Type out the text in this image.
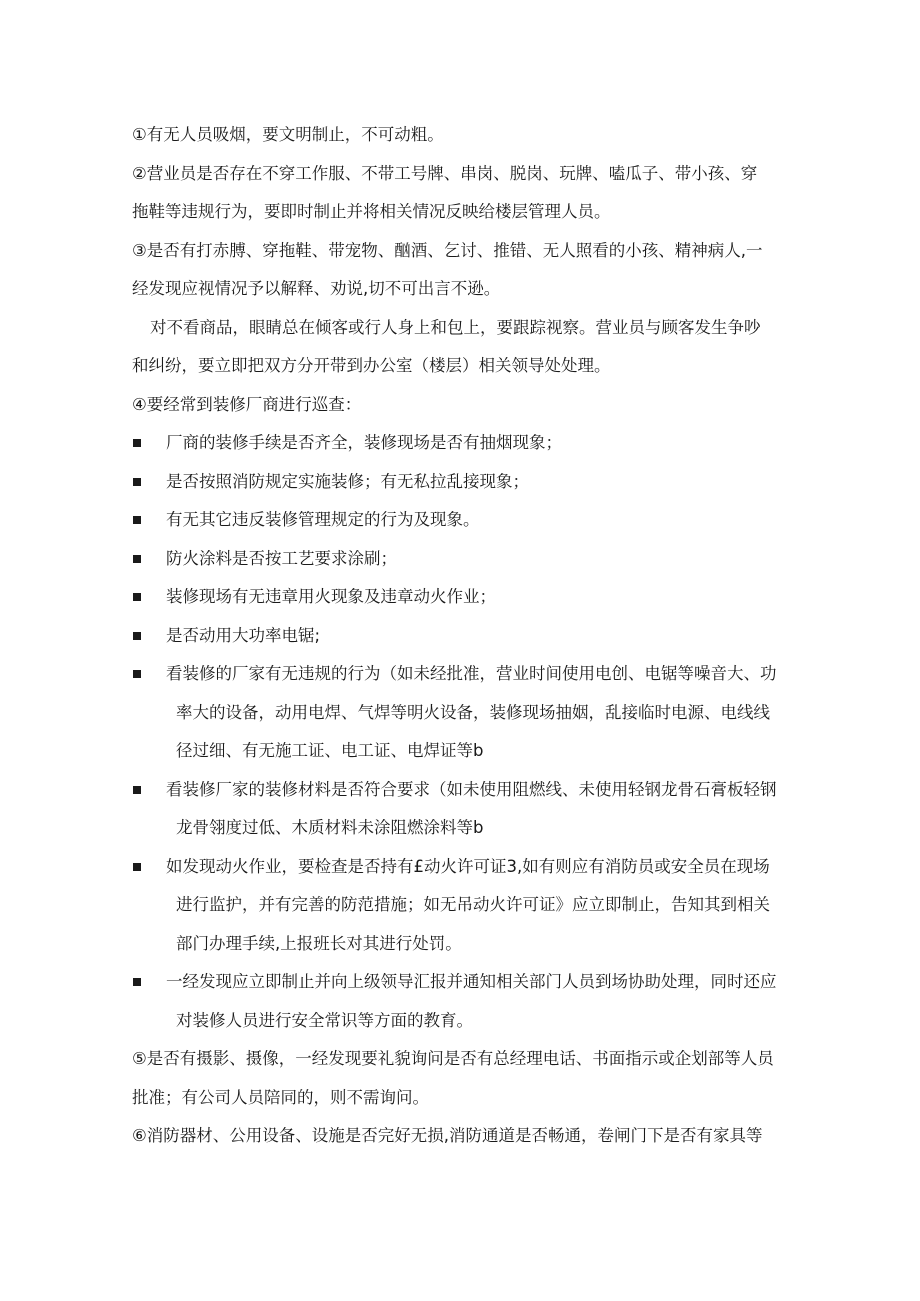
①有无人员吸烟，要文明制止，不可动粗。

②营业员是否存在不穿工作服、不带工号牌、串岗、脱岗、玩牌、嗑瓜子、带小孩、穿

拖鞋等违规行为，要即时制止并将相关情况反映给楼层管理人员。

③是否有打赤膊、穿拖鞋、带宠物、酗酒、乞讨、推错、无人照看的小孩、精神病人,一

经发现应视情况予以解释、劝说,切不可出言不逊。

对不看商品，眼睛总在倾客或行人身上和包上，要跟踪视察。营业员与顾客发生争吵

和纠纷，要立即把双方分开带到办公室（楼层）相关领导处处理。

④要经常到装修厂商进行巡查：

厂商的装修手续是否齐全，装修现场是否有抽烟现象；
是否按照消防规定实施装修；有无私拉乱接现象；
有无其它违反装修管理规定的行为及现象。
防火涂料是否按工艺要求涂刷；
装修现场有无违章用火现象及违章动火作业；
是否动用大功率电锯;
看装修的厂家有无违规的行为（如未经批准，营业时间使用电创、电锯等噪音大、功
率大的设备，动用电焊、气焊等明火设备，装修现场抽姻，乱接临时电源、电线线
径过细、有无施工证、电工证、电焊证等b
看装修厂家的装修材料是否符合要求（如未使用阻燃线、未使用轻钢龙骨石膏板轻钢
龙骨翎度过低、木质材料未涂阻燃涂料等b
如发现动火作业，要检查是否持有£动火许可证3,如有则应有消防员或安全员在现场
进行监护，并有完善的防范措施；如无吊动火许可证》应立即制止，告知其到相关
部门办理手续,上报班长对其进行处罚。
一经发现应立即制止并向上级领导汇报并通知相关部门人员到场协助处理，同时还应
对装修人员进行安全常识等方面的教育。

⑤是否有摄影、摄像，一经发现要礼貌询问是否有总经理电话、书面指示或企划部等人员

批准；有公司人员陪同的，则不需询问。

⑥消防器材、公用设备、设施是否完好无损,消防通道是否畅通，卷闸门下是否有家具等
